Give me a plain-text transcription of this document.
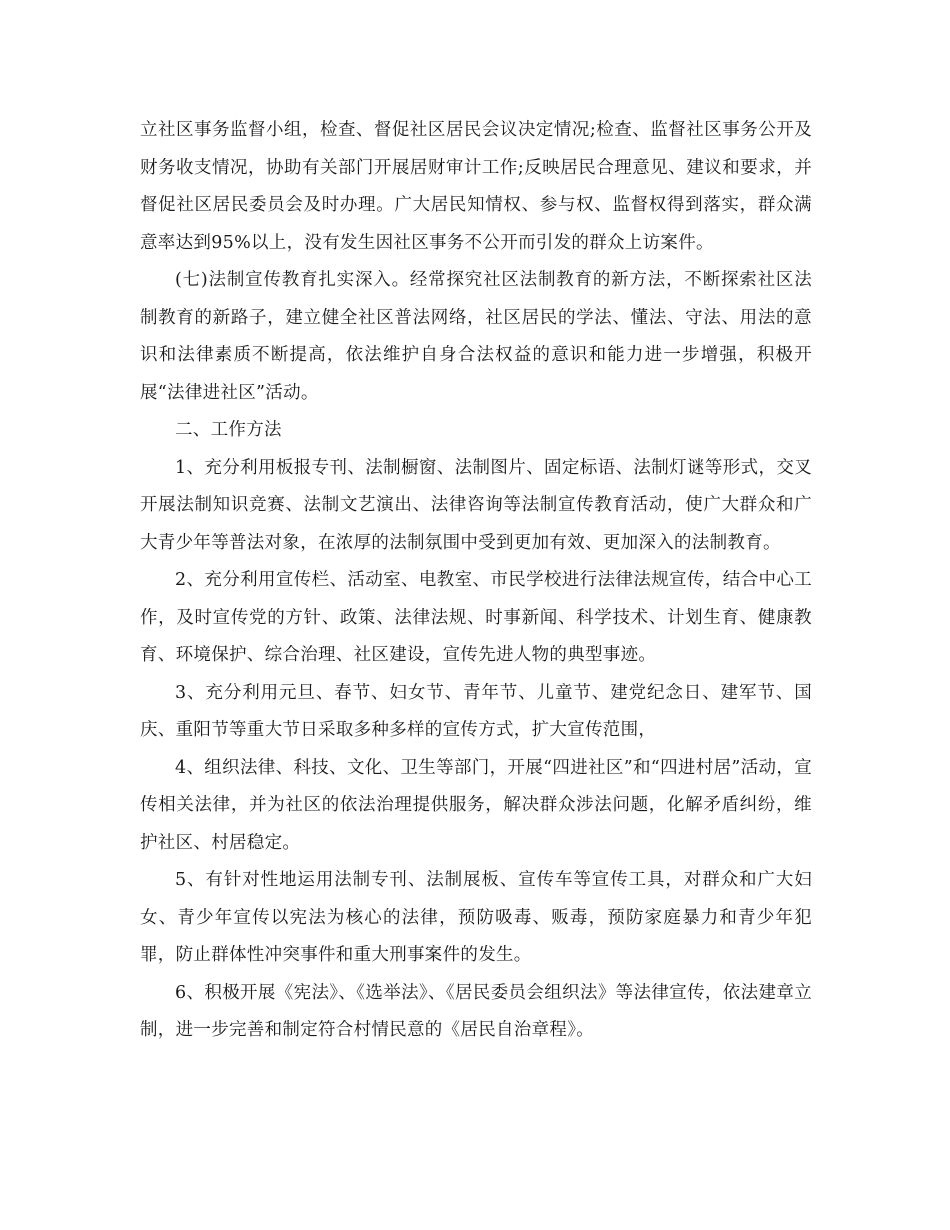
立社区事务监督小组，检查、督促社区居民会议决定情况;检查、监督社区事务公开及财务收支情况，协助有关部门开展居财审计工作;反映居民合理意见、建议和要求，并督促社区居民委员会及时办理。广大居民知情权、参与权、监督权得到落实，群众满意率达到95%以上，没有发生因社区事务不公开而引发的群众上访案件。

(七)法制宣传教育扎实深入。经常探究社区法制教育的新方法，不断探索社区法制教育的新路子，建立健全社区普法网络，社区居民的学法、懂法、守法、用法的意识和法律素质不断提高，依法维护自身合法权益的意识和能力进一步增强，积极开展“法律进社区”活动。

二、工作方法

1、充分利用板报专刊、法制橱窗、法制图片、固定标语、法制灯谜等形式，交叉开展法制知识竞赛、法制文艺演出、法律咨询等法制宣传教育活动，使广大群众和广大青少年等普法对象，在浓厚的法制氛围中受到更加有效、更加深入的法制教育。

2、充分利用宣传栏、活动室、电教室、市民学校进行法律法规宣传，结合中心工作，及时宣传党的方针、政策、法律法规、时事新闻、科学技术、计划生育、健康教育、环境保护、综合治理、社区建设，宣传先进人物的典型事迹。

3、充分利用元旦、春节、妇女节、青年节、儿童节、建党纪念日、建军节、国庆、重阳节等重大节日采取多种多样的宣传方式，扩大宣传范围，

4、组织法律、科技、文化、卫生等部门，开展“四进社区”和“四进村居”活动，宣传相关法律，并为社区的依法治理提供服务，解决群众涉法问题，化解矛盾纠纷，维护社区、村居稳定。

5、有针对性地运用法制专刊、法制展板、宣传车等宣传工具，对群众和广大妇女、青少年宣传以宪法为核心的法律，预防吸毒、贩毒，预防家庭暴力和青少年犯罪，防止群体性冲突事件和重大刑事案件的发生。

6、积极开展《宪法》、《选举法》、《居民委员会组织法》等法律宣传，依法建章立制，进一步完善和制定符合村情民意的《居民自治章程》。
